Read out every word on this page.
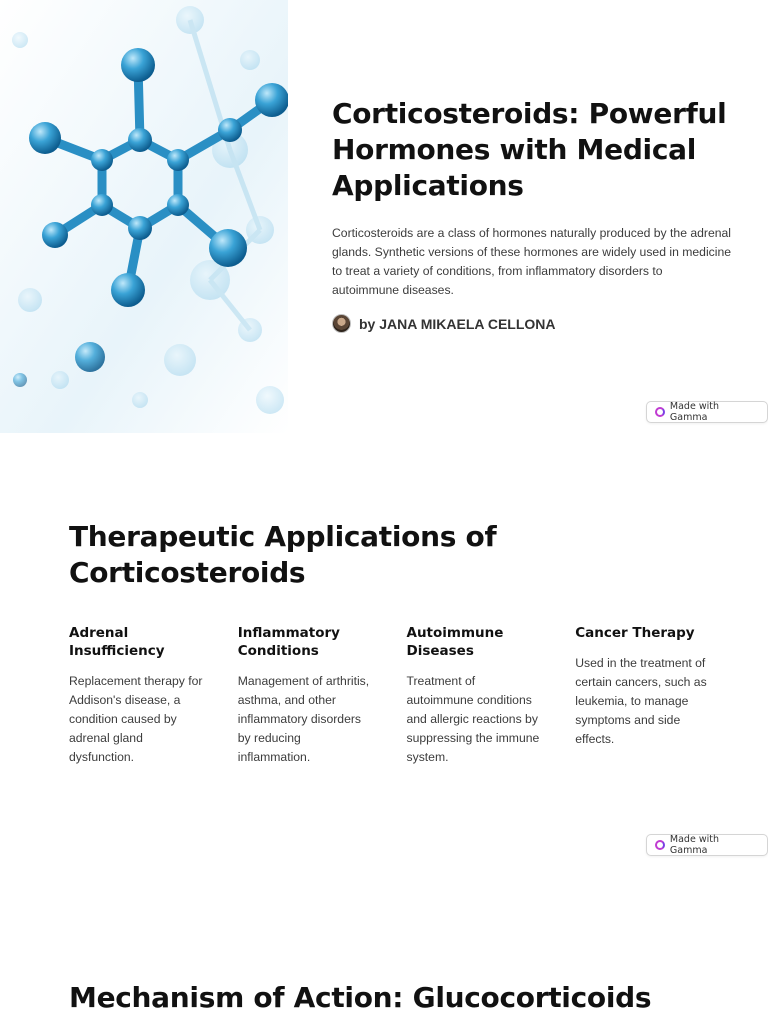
Corticosteroids: Powerful Hormones with Medical Applications

Corticosteroids are a class of hormones naturally produced by the adrenal glands. Synthetic versions of these hormones are widely used in medicine to treat a variety of conditions, from inflammatory disorders to autoimmune diseases.

by JANA MIKAELA CELLONA
Made with Gamma
Therapeutic Applications of Corticosteroids
Adrenal Insufficiency

Replacement therapy for Addison's disease, a condition caused by adrenal gland dysfunction.

Inflammatory Conditions

Management of arthritis, asthma, and other inflammatory disorders by reducing inflammation.

Autoimmune Diseases

Treatment of autoimmune conditions and allergic reactions by suppressing the immune system.

Cancer Therapy

Used in the treatment of certain cancers, such as leukemia, to manage symptoms and side effects.

Made with Gamma
Mechanism of Action: Glucocorticoids
